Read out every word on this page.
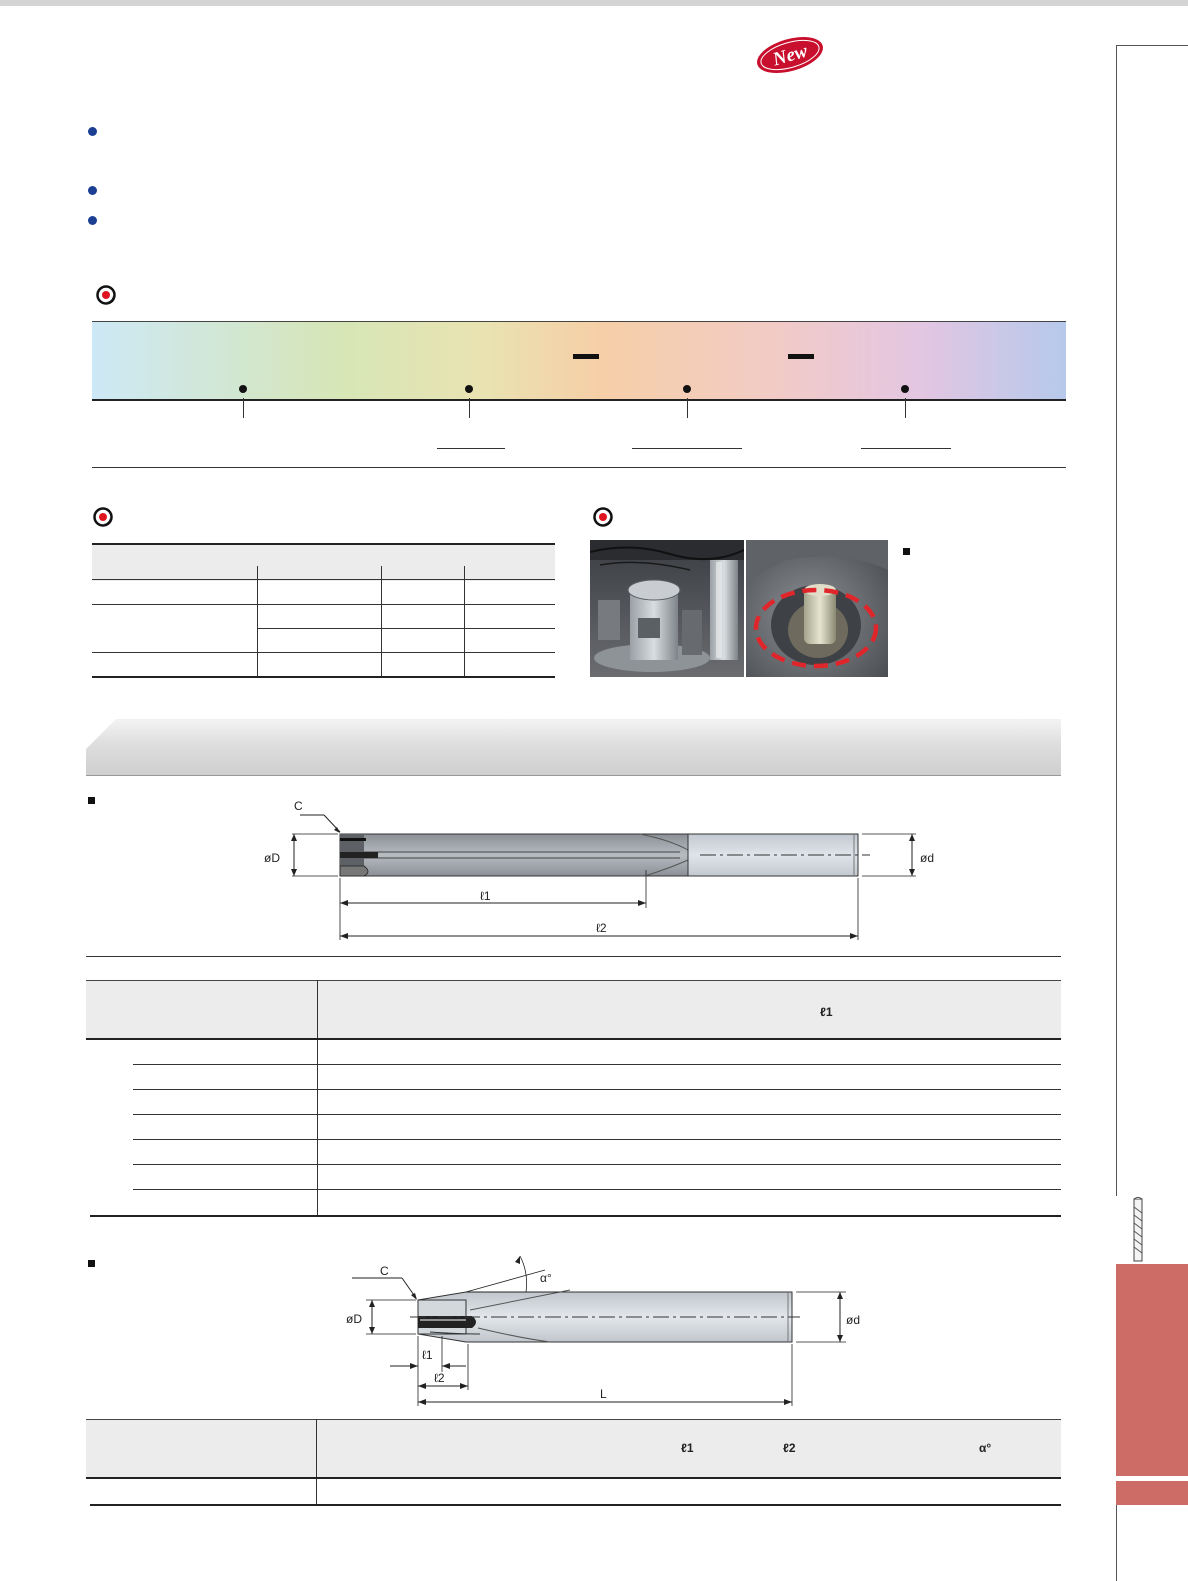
New
C
øD	ød
ℓ1
ℓ2
ℓ1
α°
C
øD	ød
ℓ1
ℓ2
L
ℓ1	ℓ2	α°
